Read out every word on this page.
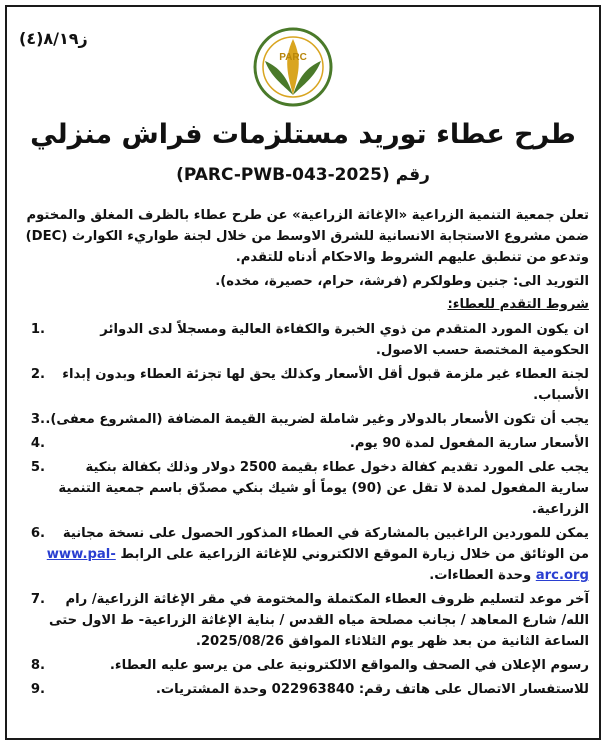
ز٨/١٩(٤)
PARC
طرح عطاء توريد مستلزمات فراش منزلي
رقم (PARC-PWB-043-2025)

تعلن جمعية التنمية الزراعية «الإغاثة الزراعية» عن طرح عطاء بالظرف المغلق والمختوم

ضمن مشروع الاستجابة الانسانية للشرق الاوسط من خلال لجنة طواريء الكوارث (DEC)

وتدعو من تنطبق عليهم الشروط والاحكام أدناه للتقدم.

التوريد الى: جنين وطولكرم (فرشة، حرام، حصيرة، مخده).

شروط التقدم للعطاء:
ان يكون المورد المتقدم من ذوي الخبرة والكفاءة العالية ومسجلاً لدى الدوائر الحكومية المختصة حسب الاصول.
1.
لجنة العطاء غير ملزمة قبول أقل الأسعار وكذلك يحق لها تجزئة العطاء وبدون إبداء الأسباب.
2.
يجب أن تكون الأسعار بالدولار وغير شاملة لضريبة القيمة المضافة (المشروع معفى).
3.
الأسعار سارية المفعول لمدة 90 يوم.
4.
يجب على المورد تقديم كفالة دخول عطاء بقيمة 2500 دولار وذلك بكفالة بنكية سارية المفعول لمدة لا تقل عن (90) يوماً أو شيك بنكي مصدّق باسم جمعية التنمية الزراعية.
5.
يمكن للموردين الراغبين بالمشاركة في العطاء المذكور الحصول على نسخة مجانية من الوثائق من خلال زيارة الموقع الالكتروني للإغاثة الزراعية على الرابط www.pal-arc.org وحدة العطاءات.
6.
آخر موعد لتسليم ظروف العطاء المكتملة والمختومة في مقر الإغاثة الزراعية/ رام الله/ شارع المعاهد / بجانب مصلحة مياه القدس / بناية الإغاثة الزراعية- ط الاول حتى الساعة الثانية من بعد ظهر يوم الثلاثاء الموافق 2025/08/26.
7.
رسوم الإعلان في الصحف والمواقع الالكترونية على من يرسو عليه العطاء.
8.
للاستفسار الاتصال على هاتف رقم: 022963840 وحدة المشتريات.
9.
